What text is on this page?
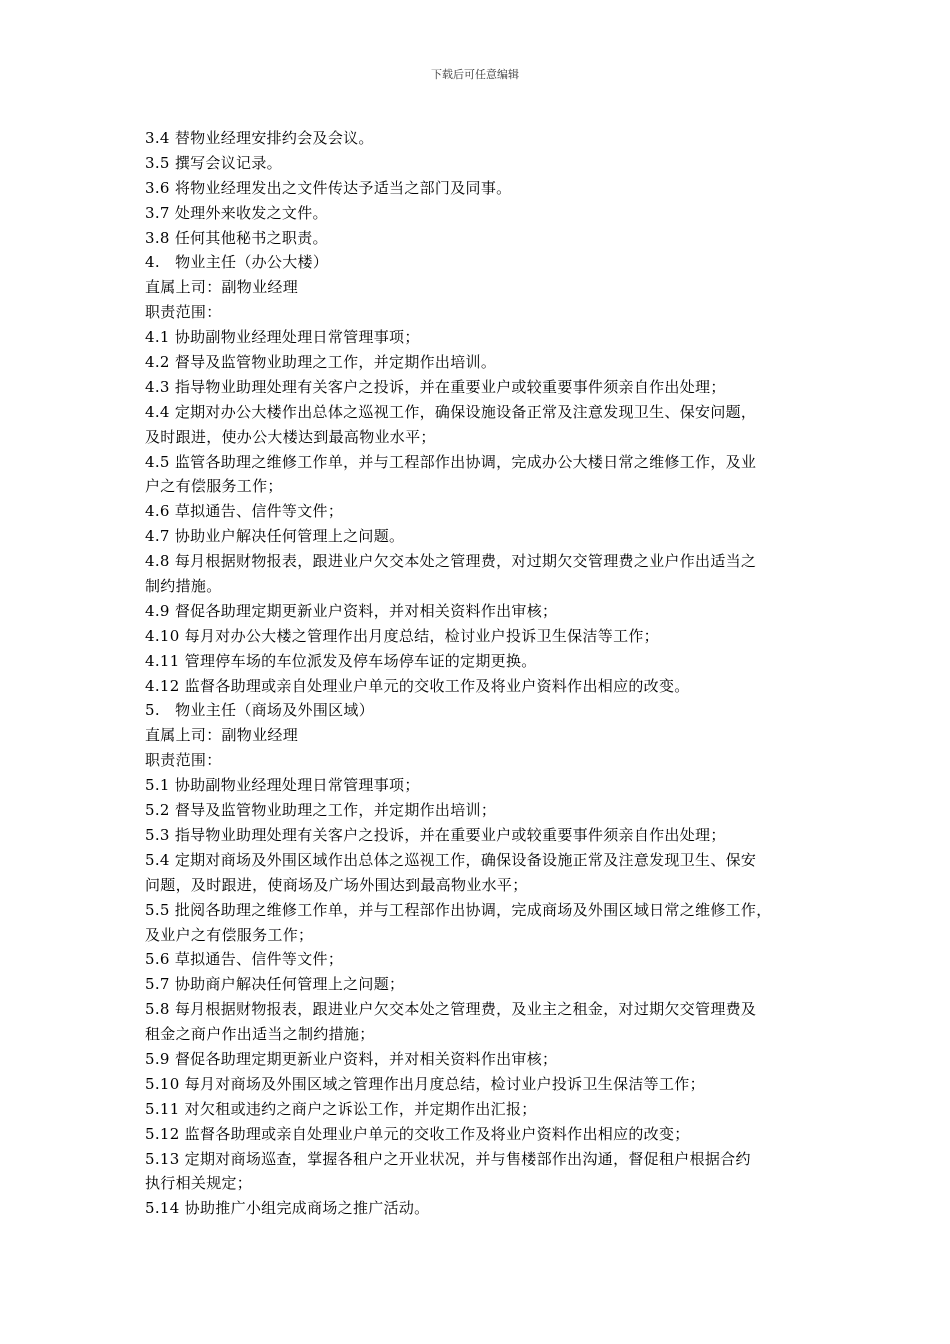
下载后可任意编辑
3.4 替物业经理安排约会及会议。
3.5 撰写会议记录。
3.6 将物业经理发出之文件传达予适当之部门及同事。
3.7 处理外来收发之文件。
3.8 任何其他秘书之职责。
4.   物业主任（办公大楼）
直属上司：副物业经理
职责范围：
4.1 协助副物业经理处理日常管理事项；
4.2 督导及监管物业助理之工作，并定期作出培训。
4.3 指导物业助理处理有关客户之投诉，并在重要业户或较重要事件须亲自作出处理；
4.4 定期对办公大楼作出总体之巡视工作，确保设施设备正常及注意发现卫生、保安问题，
及时跟进，使办公大楼达到最高物业水平；
4.5 监管各助理之维修工作单，并与工程部作出协调，完成办公大楼日常之维修工作，及业
户之有偿服务工作；
4.6 草拟通告、信件等文件；
4.7 协助业户解决任何管理上之问题。
4.8 每月根据财物报表，跟进业户欠交本处之管理费，对过期欠交管理费之业户作出适当之
制约措施。
4.9 督促各助理定期更新业户资料，并对相关资料作出审核；
4.10 每月对办公大楼之管理作出月度总结，检讨业户投诉卫生保洁等工作；
4.11 管理停车场的车位派发及停车场停车证的定期更换。
4.12 监督各助理或亲自处理业户单元的交收工作及将业户资料作出相应的改变。
5.   物业主任（商场及外围区域）
直属上司：副物业经理
职责范围：
5.1 协助副物业经理处理日常管理事项；
5.2 督导及监管物业助理之工作，并定期作出培训；
5.3 指导物业助理处理有关客户之投诉，并在重要业户或较重要事件须亲自作出处理；
5.4 定期对商场及外围区域作出总体之巡视工作，确保设备设施正常及注意发现卫生、保安
问题，及时跟进，使商场及广场外围达到最高物业水平；
5.5 批阅各助理之维修工作单，并与工程部作出协调，完成商场及外围区域日常之维修工作，
及业户之有偿服务工作；
5.6 草拟通告、信件等文件；
5.7 协助商户解决任何管理上之问题；
5.8 每月根据财物报表，跟进业户欠交本处之管理费，及业主之租金，对过期欠交管理费及
租金之商户作出适当之制约措施；
5.9 督促各助理定期更新业户资料，并对相关资料作出审核；
5.10 每月对商场及外围区域之管理作出月度总结，检讨业户投诉卫生保洁等工作；
5.11 对欠租或违约之商户之诉讼工作，并定期作出汇报；
5.12 监督各助理或亲自处理业户单元的交收工作及将业户资料作出相应的改变；
5.13 定期对商场巡查，掌握各租户之开业状况，并与售楼部作出沟通，督促租户根据合约
执行相关规定；
5.14 协助推广小组完成商场之推广活动。
